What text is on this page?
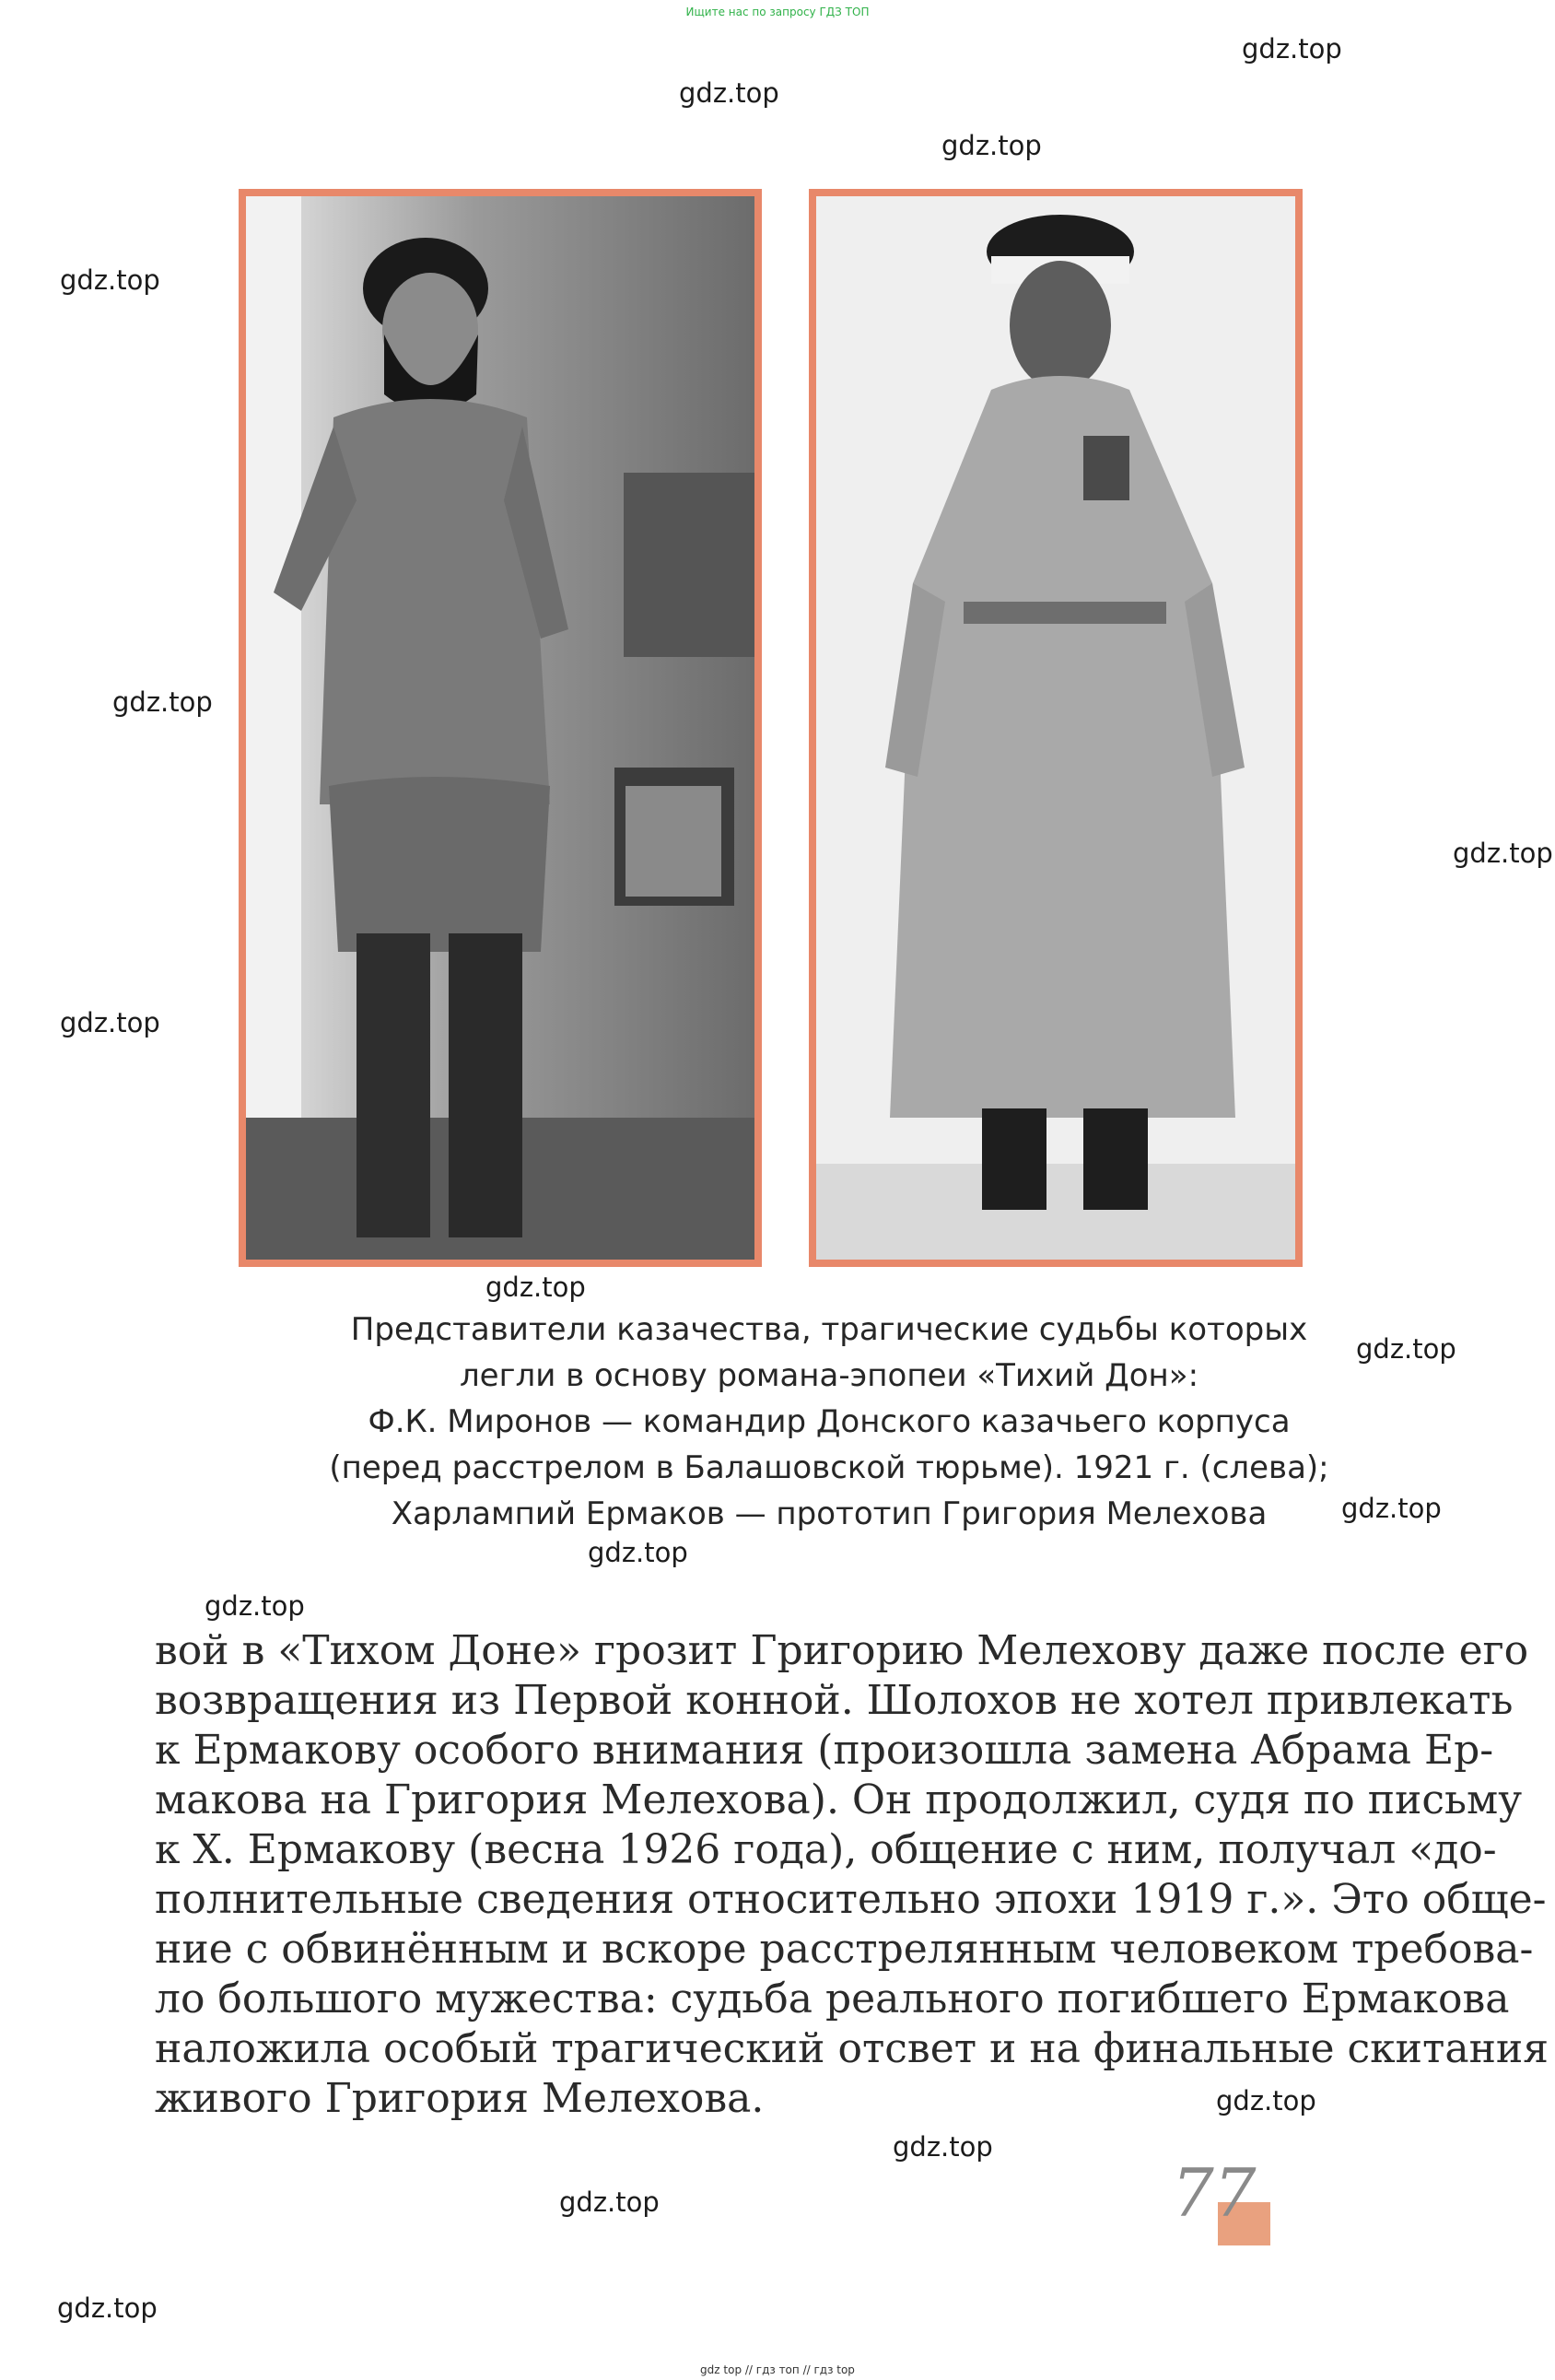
Ищите нас по запросу ГДЗ ТОП
gdz.top
gdz.top
gdz.top
gdz.top
gdz.top
gdz.top
gdz.top
gdz.top
gdz.top
gdz.top
gdz.top
gdz.top
gdz.top
gdz.top
gdz.top
gdz.top
Представители казачества, трагические судьбы которых
легли в основу романа-эпопеи «Тихий Дон»:
Ф.К. Миронов — командир Донского казачьего корпуса
(перед расстрелом в Балашовской тюрьме). 1921 г. (слева);
Харлампий Ермаков — прототип Григория Мелехова
вой в «Тихом Доне» грозит Григорию Мелехову даже после его
возвращения из Первой конной. Шолохов не хотел привлекать
к Ермакову особого внимания (произошла замена Абрама Ер-
макова на Григория Мелехова). Он продолжил, судя по письму
к Х. Ермакову (весна 1926 года), общение с ним, получал «до-
полнительные сведения относительно эпохи 1919 г.». Это обще-
ние с обвинённым и вскоре расстрелянным человеком требова-
ло большого мужества: судьба реального погибшего Ермакова
наложила особый трагический отсвет и на финальные скитания
живого Григория Мелехова.
77
gdz top // гдз топ // гдз top
